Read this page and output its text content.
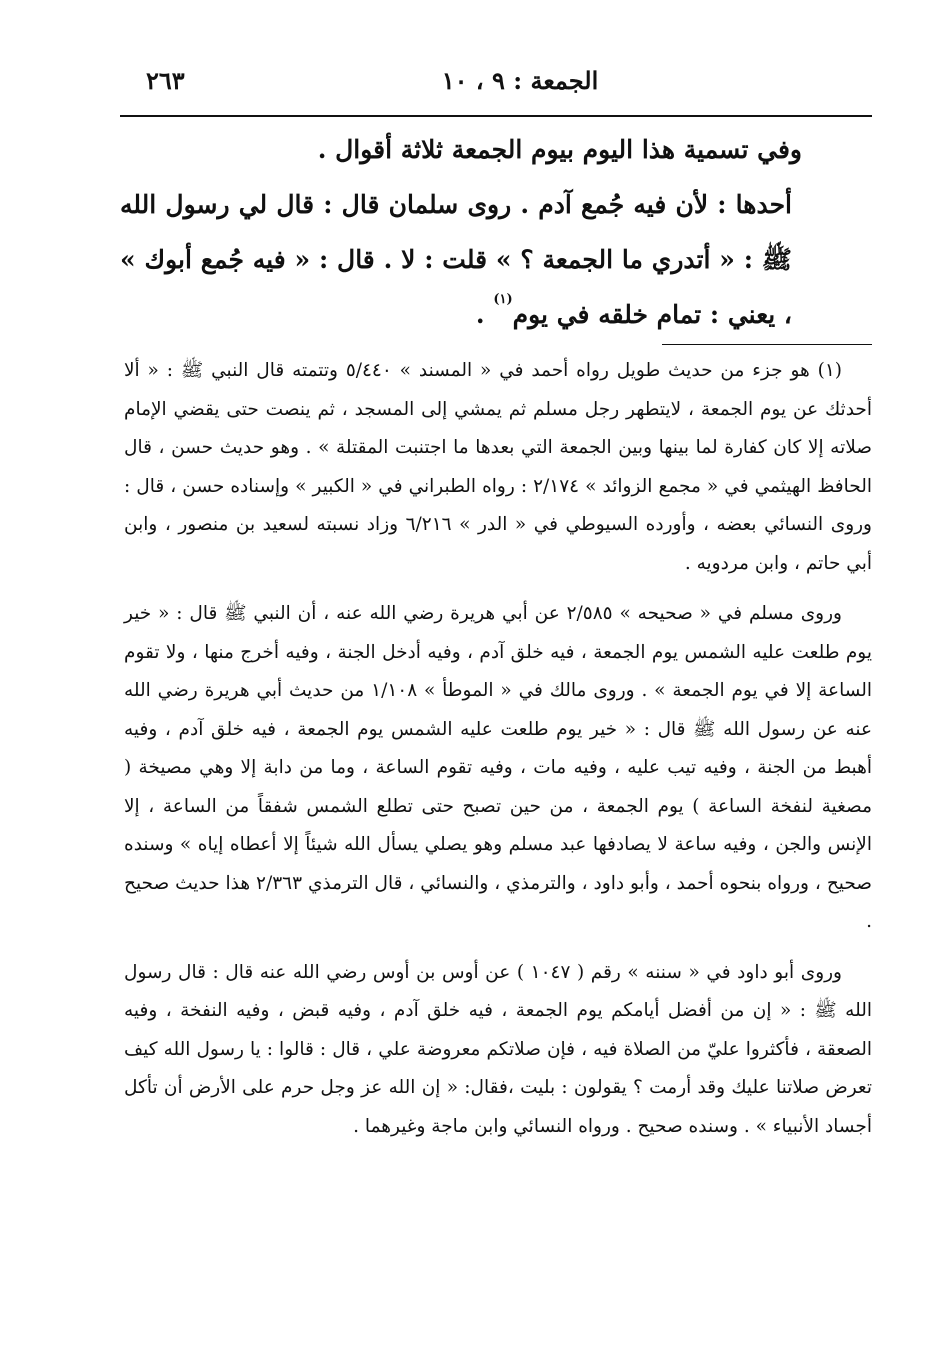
٢٦٣	الجمعة : ٩ ، ١٠

وفي تسمية هذا اليوم بيوم الجمعة ثلاثة أقوال .

أحدها : لأن فيه جُمع آدم . روى سلمان قال : قال لي رسول الله ﷺ : « أتدري ما الجمعة ؟ » قلت : لا . قال : « فيه جُمع أبوك » ، يعني : تمام خلقه في يوم$^{(١)}$ .

(١) هو جزء من حديث طويل رواه أحمد في « المسند » ٥/٤٤٠ وتتمته قال النبي ﷺ : « ألا أحدثك عن يوم الجمعة ، لايتطهر رجل مسلم ثم يمشي إلى المسجد ، ثم ينصت حتى يقضي الإمام صلاته إلا كان كفارة لما بينها وبين الجمعة التي بعدها ما اجتنبت المقتلة » . وهو حديث حسن ، قال الحافظ الهيثمي في « مجمع الزوائد » ٢/١٧٤ : رواه الطبراني في « الكبير » وإسناده حسن ، قال : وروى النسائي بعضه ، وأورده السيوطي في « الدر » ٦/٢١٦ وزاد نسبته لسعيد بن منصور ، وابن أبي حاتم ، وابن مردويه .

وروى مسلم في « صحيحه » ٢/٥٨٥ عن أبي هريرة رضي الله عنه ، أن النبي ﷺ قال : « خير يوم طلعت عليه الشمس يوم الجمعة ، فيه خلق آدم ، وفيه أدخل الجنة ، وفيه أخرج منها ، ولا تقوم الساعة إلا في يوم الجمعة » . وروى مالك في « الموطأ » ١/١٠٨ من حديث أبي هريرة رضي الله عنه عن رسول الله ﷺ قال : « خير يوم طلعت عليه الشمس يوم الجمعة ، فيه خلق آدم ، وفيه أهبط من الجنة ، وفيه تيب عليه ، وفيه مات ، وفيه تقوم الساعة ، وما من دابة إلا وهي مصيخة ( مصغية لنفخة الساعة ) يوم الجمعة ، من حين تصبح حتى تطلع الشمس شفقاً من الساعة ، إلا الإنس والجن ، وفيه ساعة لا يصادفها عبد مسلم وهو يصلي يسأل الله شيئاً إلا أعطاه إياه » وسنده صحيح ، ورواه بنحوه أحمد ، وأبو داود ، والترمذي ، والنسائي ، قال الترمذي ٢/٣٦٣ هذا حديث صحيح .

وروى أبو داود في « سننه » رقم ( ١٠٤٧ ) عن أوس بن أوس رضي الله عنه قال : قال رسول الله ﷺ : « إن من أفضل أيامكم يوم الجمعة ، فيه خلق آدم ، وفيه قبض ، وفيه النفخة ، وفيه الصعقة ، فأكثروا عليّ من الصلاة فيه ، فإن صلاتكم معروضة علي ، قال : قالوا : يا رسول الله كيف تعرض صلاتنا عليك وقد أرمت ؟ يقولون : بليت ،فقال: « إن الله عز وجل حرم على الأرض أن تأكل أجساد الأنبياء » . وسنده صحيح . ورواه النسائي وابن ماجة وغيرهما .
